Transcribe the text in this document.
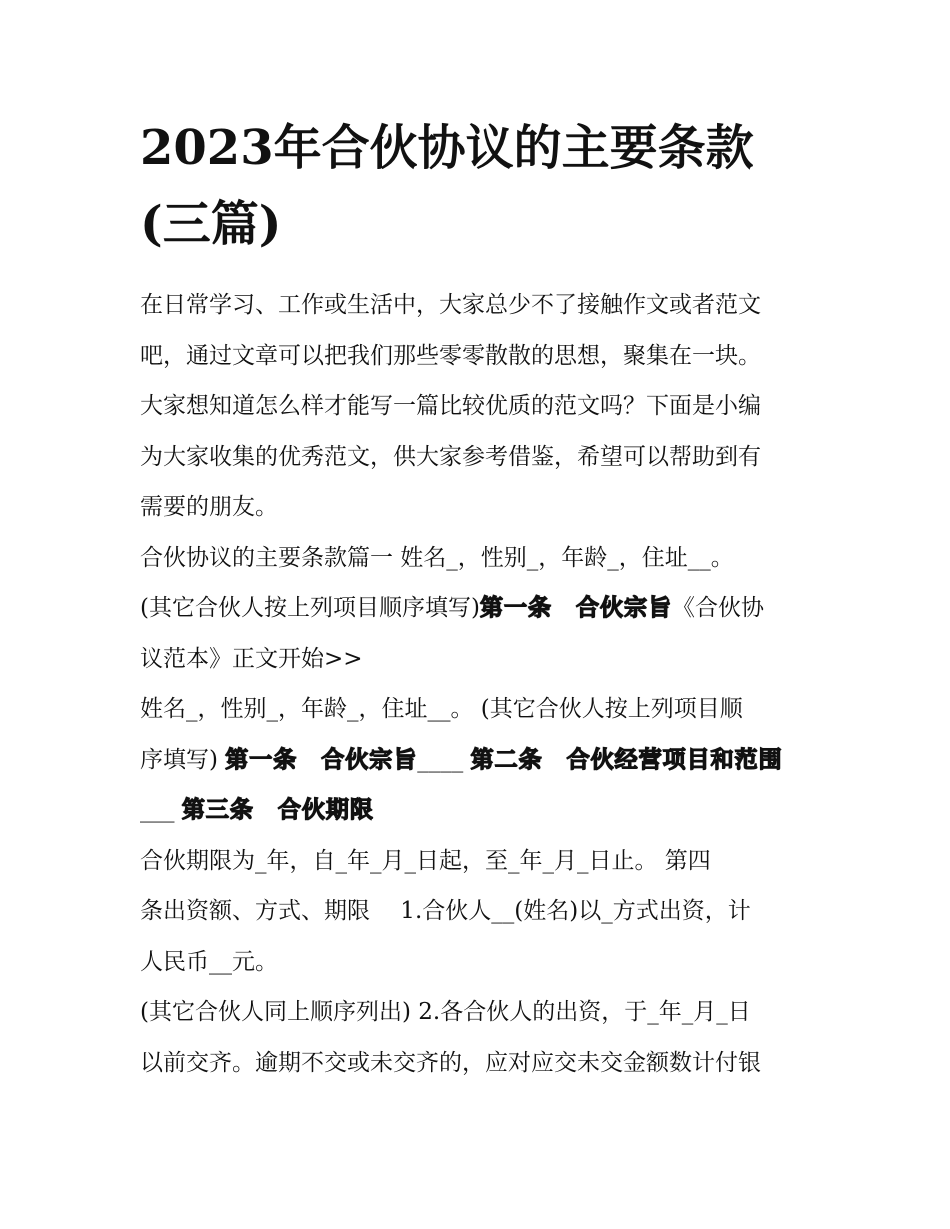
2023年合伙协议的主要条款
(三篇)
在日常学习、工作或生活中，大家总少不了接触作文或者范文
吧，通过文章可以把我们那些零零散散的思想，聚集在一块。
大家想知道怎么样才能写一篇比较优质的范文吗？下面是小编
为大家收集的优秀范文，供大家参考借鉴，希望可以帮助到有
需要的朋友。
合伙协议的主要条款篇一 姓名_，性别_，年龄_，住址__。
(其它合伙人按上列项目顺序填写)第一条　合伙宗旨《合伙协
议范本》正文开始>>
姓名_，性别_，年龄_，住址__。 (其它合伙人按上列项目顺
序填写) 第一条　合伙宗旨____ 第二条　合伙经营项目和范围
___ 第三条　合伙期限
合伙期限为_年，自_年_月_日起，至_年_月_日止。 第四
条出资额、方式、期限　 1.合伙人__(姓名)以_方式出资，计
人民币__元。
(其它合伙人同上顺序列出) 2.各合伙人的出资，于_年_月_日
以前交齐。逾期不交或未交齐的，应对应交未交金额数计付银
